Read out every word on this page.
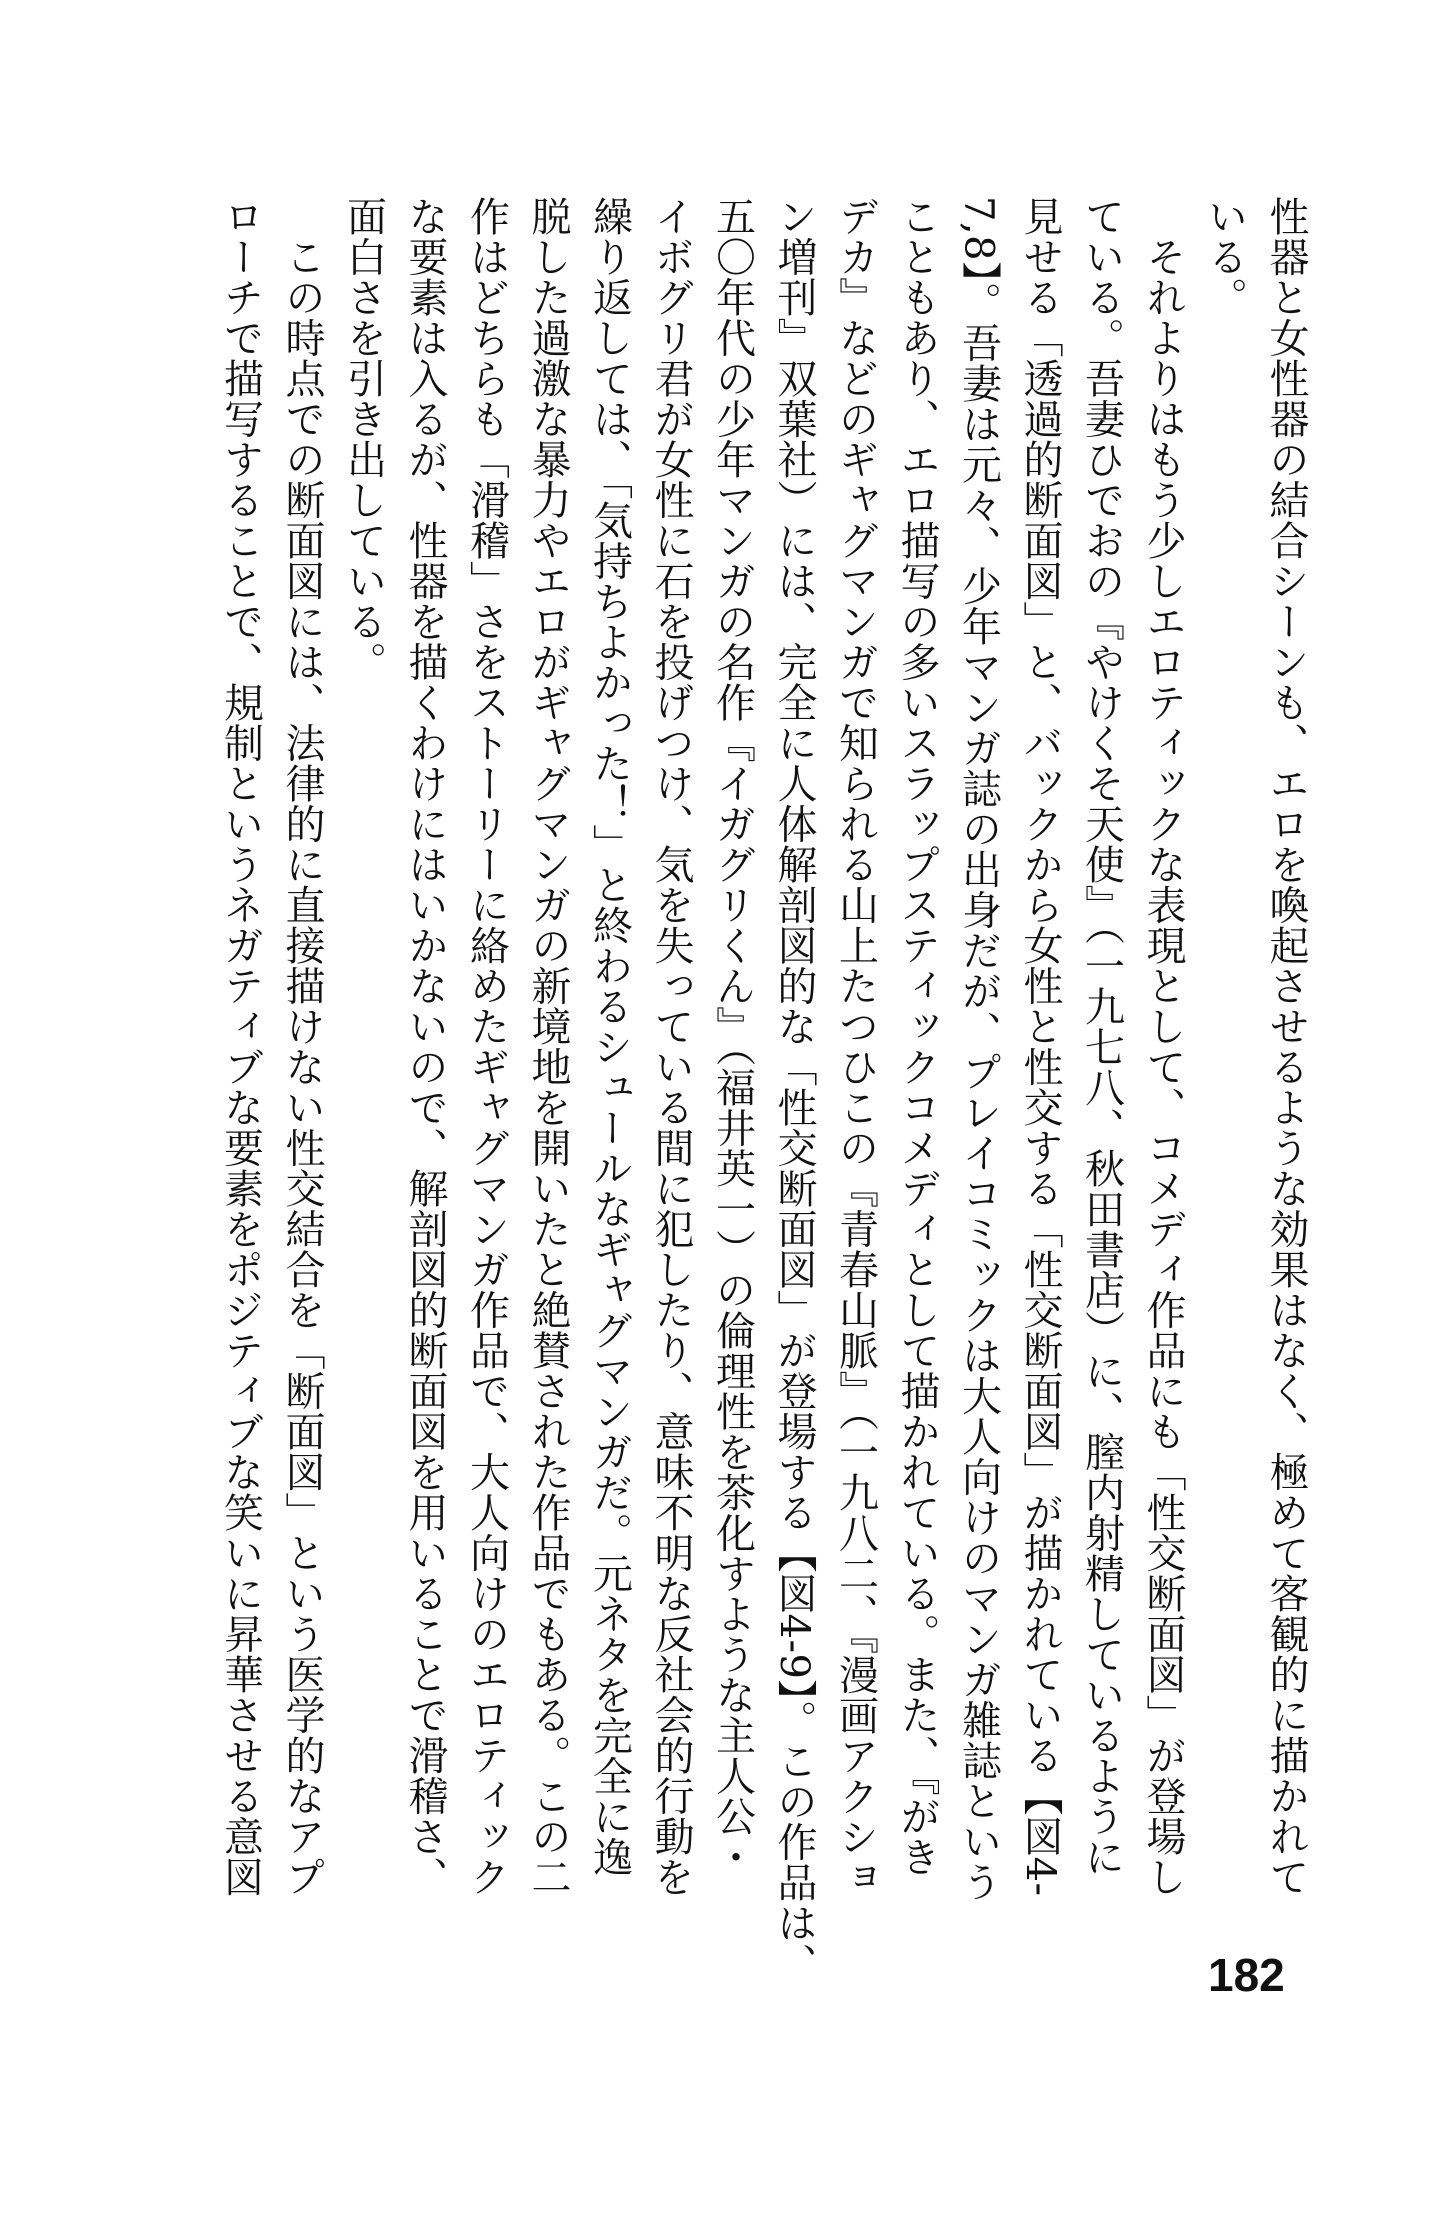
性器と女性器の結合シーンも、エロを喚起させるような効果はなく、極めて客観的に描かれて
いる。
　それよりはもう少しエロティックな表現として、コメディ作品にも「性交断面図」が登場し
ている。吾妻ひでおの『やけくそ天使』（一九七八、秋田書店）に、膣内射精しているように
見せる「透過的断面図」と、バックから女性と性交する「性交断面図」が描かれている【図4-
7,8】。吾妻は元々、少年マンガ誌の出身だが、プレイコミックは大人向けのマンガ雑誌という
こともあり、エロ描写の多いスラップスティックコメディとして描かれている。また、『がき
デカ』などのギャグマンガで知られる山上たつひこの『青春山脈』（一九八二、『漫画アクショ
ン増刊』双葉社）には、完全に人体解剖図的な「性交断面図」が登場する【図4-9】。この作品は、
五〇年代の少年マンガの名作『イガグリくん』（福井英一）の倫理性を茶化すような主人公・
イボグリ君が女性に石を投げつけ、気を失っている間に犯したり、意味不明な反社会的行動を
繰り返しては、「気持ちよかった！」と終わるシュールなギャグマンガだ。元ネタを完全に逸
脱した過激な暴力やエロがギャグマンガの新境地を開いたと絶賛された作品でもある。この二
作はどちらも「滑稽」さをストーリーに絡めたギャグマンガ作品で、大人向けのエロティック
な要素は入るが、性器を描くわけにはいかないので、解剖図的断面図を用いることで滑稽さ、
面白さを引き出している。
　この時点での断面図には、法律的に直接描けない性交結合を「断面図」という医学的なアプ
ローチで描写することで、規制というネガティブな要素をポジティブな笑いに昇華させる意図
182
